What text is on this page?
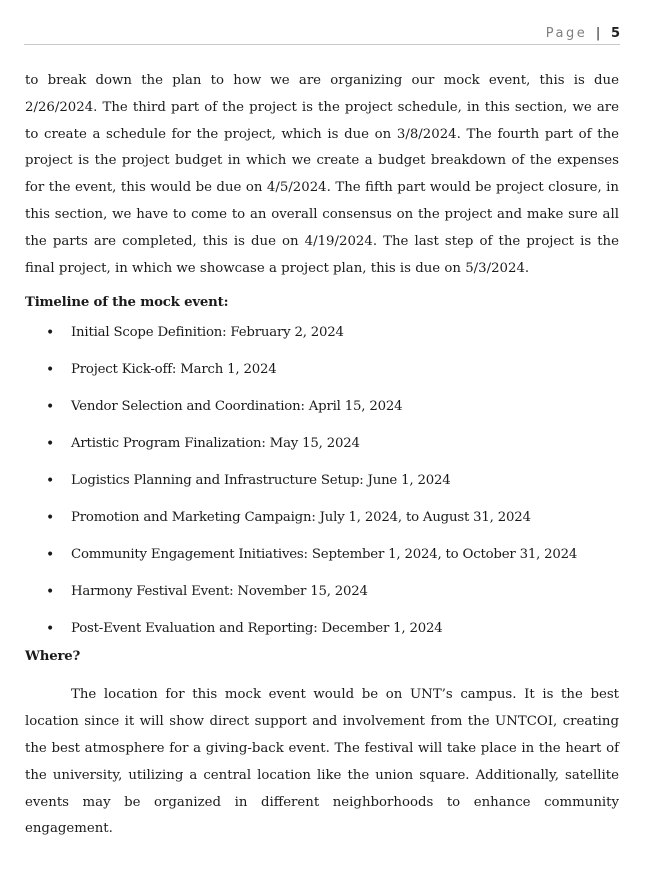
Page | 5

to break down the plan to how we are organizing our mock event, this is due 2/26/2024. The third part of the project is the project schedule, in this section, we are to create a schedule for the project, which is due on 3/8/2024. The fourth part of the project is the project budget in which we create a budget breakdown of the expenses for the event, this would be due on 4/5/2024. The fifth part would be project closure, in this section, we have to come to an overall consensus on the project and make sure all the parts are completed, this is due on 4/19/2024. The last step of the project is the final project, in which we showcase a project plan, this is due on 5/3/2024.

Timeline of the mock event:
• Initial Scope Definition: February 2, 2024
• Project Kick-off: March 1, 2024
• Vendor Selection and Coordination: April 15, 2024
• Artistic Program Finalization: May 15, 2024
• Logistics Planning and Infrastructure Setup: June 1, 2024
• Promotion and Marketing Campaign: July 1, 2024, to August 31, 2024
• Community Engagement Initiatives: September 1, 2024, to October 31, 2024
• Harmony Festival Event: November 15, 2024
• Post-Event Evaluation and Reporting: December 1, 2024
Where?

The location for this mock event would be on UNT’s campus. It is the best location since it will show direct support and involvement from the UNTCOI, creating the best atmosphere for a giving-back event. The festival will take place in the heart of the university, utilizing a central location like the union square. Additionally, satellite events may be organized in different neighborhoods to enhance community engagement.
